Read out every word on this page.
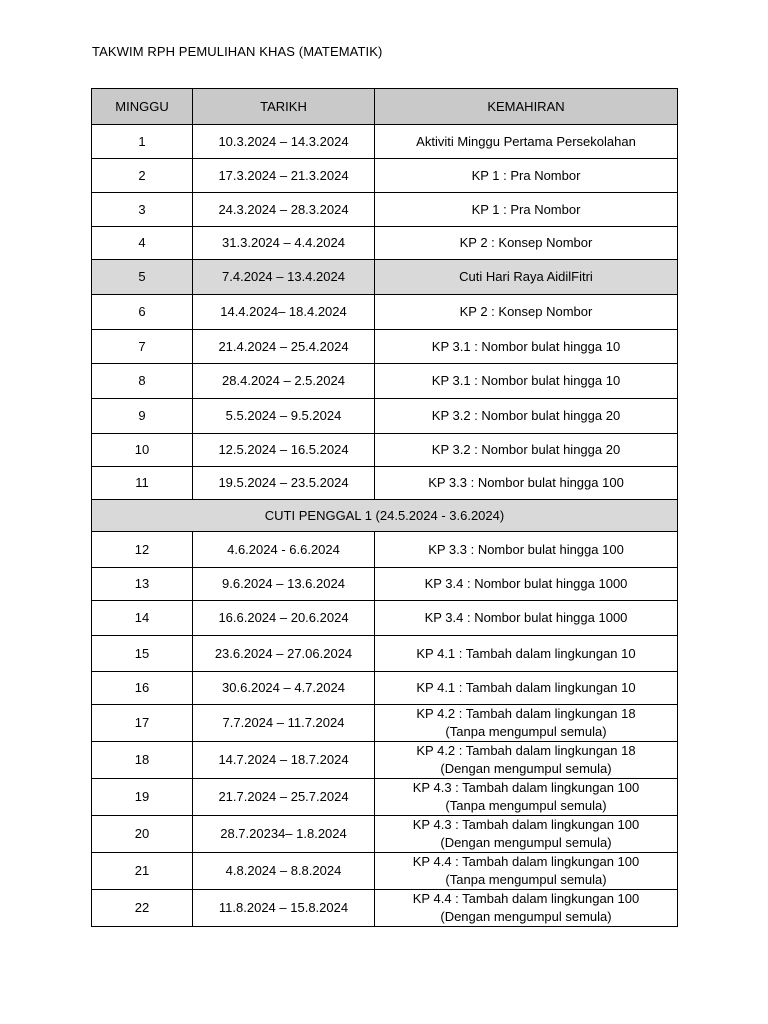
TAKWIM RPH PEMULIHAN KHAS (MATEMATIK)
MINGGU	TARIKH	KEMAHIRAN
1	10.3.2024 – 14.3.2024	Aktiviti Minggu Pertama Persekolahan

2	17.3.2024 – 21.3.2024	KP 1 : Pra Nombor

3	24.3.2024 – 28.3.2024	KP 1 : Pra Nombor

4	31.3.2024 – 4.4.2024	KP 2 : Konsep Nombor

5	7.4.2024 – 13.4.2024	Cuti Hari Raya AidilFitri

6	14.4.2024– 18.4.2024	KP 2 : Konsep Nombor

7	21.4.2024 – 25.4.2024	KP 3.1 : Nombor bulat hingga 10

8	28.4.2024 – 2.5.2024	KP 3.1 : Nombor bulat hingga 10

9	5.5.2024 – 9.5.2024	KP 3.2 : Nombor bulat hingga 20

10	12.5.2024 – 16.5.2024	KP 3.2 : Nombor bulat hingga 20

11	19.5.2024 – 23.5.2024	KP 3.3 : Nombor bulat hingga 100

CUTI PENGGAL 1 (24.5.2024 - 3.6.2024)		
12	4.6.2024 - 6.6.2024	KP 3.3 : Nombor bulat hingga 100

13	9.6.2024 – 13.6.2024	KP 3.4 : Nombor bulat hingga 1000

14	16.6.2024 – 20.6.2024	KP 3.4 : Nombor bulat hingga 1000

15	23.6.2024 – 27.06.2024	KP 4.1 : Tambah dalam lingkungan 10

16	30.6.2024 – 4.7.2024	KP 4.1 : Tambah dalam lingkungan 10

17	7.7.2024 – 11.7.2024	KP 4.2 : Tambah dalam lingkungan 18
(Tanpa mengumpul semula)

18	14.7.2024 – 18.7.2024	KP 4.2 : Tambah dalam lingkungan 18
(Dengan mengumpul semula)

19	21.7.2024 – 25.7.2024	KP 4.3 : Tambah dalam lingkungan 100
(Tanpa mengumpul semula)

20	28.7.20234– 1.8.2024	KP 4.3 : Tambah dalam lingkungan 100
(Dengan mengumpul semula)

21	4.8.2024 – 8.8.2024	KP 4.4 : Tambah dalam lingkungan 100
(Tanpa mengumpul semula)

22	11.8.2024 – 15.8.2024	KP 4.4 : Tambah dalam lingkungan 100
(Dengan mengumpul semula)
